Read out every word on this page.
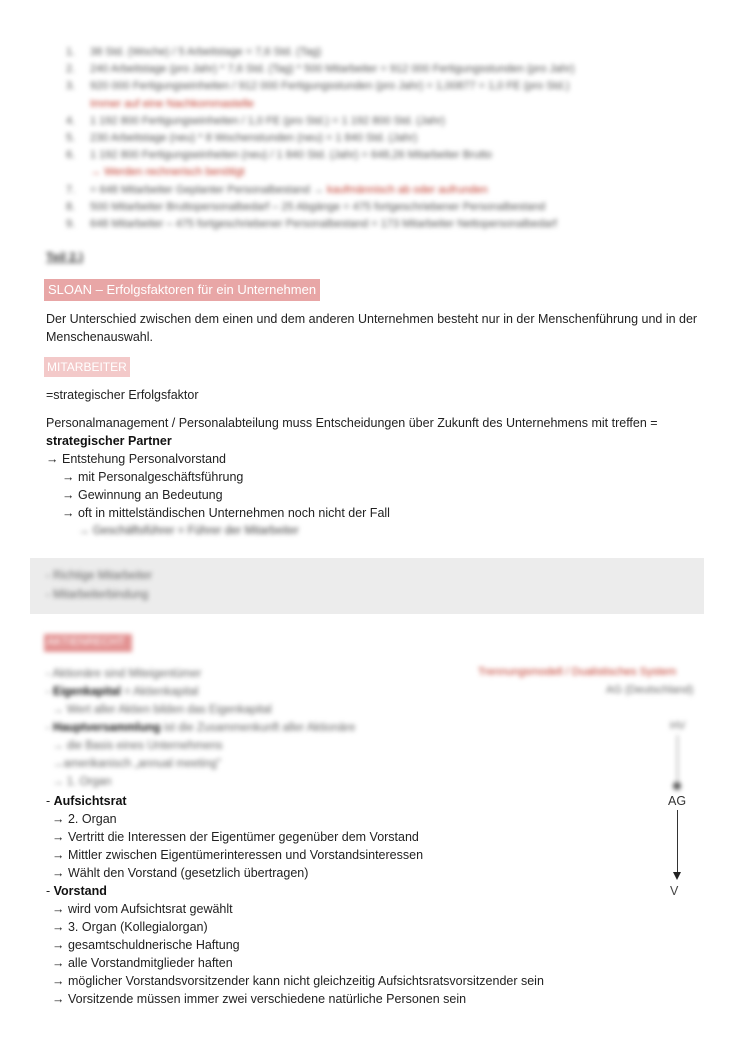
1.	38 Std. (Woche) / 5 Arbeitstage = 7,6 Std. (Tag)
2.	240 Arbeitstage (pro Jahr) * 7,6 Std. (Tag) * 500 Mitarbeiter = 912 000 Fertigungsstunden (pro Jahr)
3.	920 000 Fertigungseinheiten / 912 000 Fertigungsstunden (pro Jahr) = 1,00877 = 1,0 FE (pro Std.)
Immer auf eine Nachkommastelle
4.	1 192 800 Fertigungseinheiten / 1,0 FE (pro Std.) = 1 192 800 Std. (Jahr)
5.	230 Arbeitstage (neu) * 8 Wochenstunden (neu) = 1 840 Std. (Jahr)
6.	1 192 800 Fertigungseinheiten (neu) / 1 840 Std. (Jahr) = 648,26 Mitarbeiter Brutto
→ Werden rechnerisch benötigt
7.	= 648 Mitarbeiter Geplanter Personalbestand → kaufmännisch ab oder aufrunden
8.	500 Mitarbeiter Bruttopersonalbedarf – 25 Abgänge = 475 fortgeschriebener Personalbestand
9.	648 Mitarbeiter – 475 fortgeschriebener Personalbestand = 173 Mitarbeiter Nettopersonalbedarf
Teil 2.)
SLOAN – Erfolgsfaktoren für ein Unternehmen
Der Unterschied zwischen dem einen und dem anderen Unternehmen besteht nur in der Menschenführung und in der Menschenauswahl.
MITARBEITER
=strategischer Erfolgsfaktor
Personalmanagement / Personalabteilung muss Entscheidungen über Zukunft des Unternehmens mit treffen =
strategischer Partner
→ Entstehung Personalvorstand
→ mit Personalgeschäftsführung
→ Gewinnung an Bedeutung
→ oft in mittelständischen Unternehmen noch nicht der Fall
→ Geschäftsführer = Führer der Mitarbeiter
- Richtige Mitarbeiter
- Mitarbeiterbindung
AKTIENRECHT
- Aktionäre sind Miteigentümer
- Eigenkapital = Aktienkapital
→ Wert aller Aktien bilden das Eigenkapital
- Hauptversammlung ist die Zusammenkunft aller Aktionäre
→ die Basis eines Unternehmens
→amerikanisch „annual meeting"
→ 1. Organ
Trennungsmodell / Dualistisches System
AG (Deutschland)
HV
- Aufsichtsrat
→ 2. Organ
→ Vertritt die Interessen der Eigentümer gegenüber dem Vorstand
→ Mittler zwischen Eigentümerinteressen und Vorstandsinteressen
→ Wählt den Vorstand (gesetzlich übertragen)
- Vorstand
→ wird vom Aufsichtsrat gewählt
→ 3. Organ (Kollegialorgan)
→ gesamtschuldnerische Haftung
→ alle Vorstandmitglieder haften
→ möglicher Vorstandsvorsitzender kann nicht gleichzeitig Aufsichtsratsvorsitzender sein
→ Vorsitzende müssen immer zwei verschiedene natürliche Personen sein
AG
V
